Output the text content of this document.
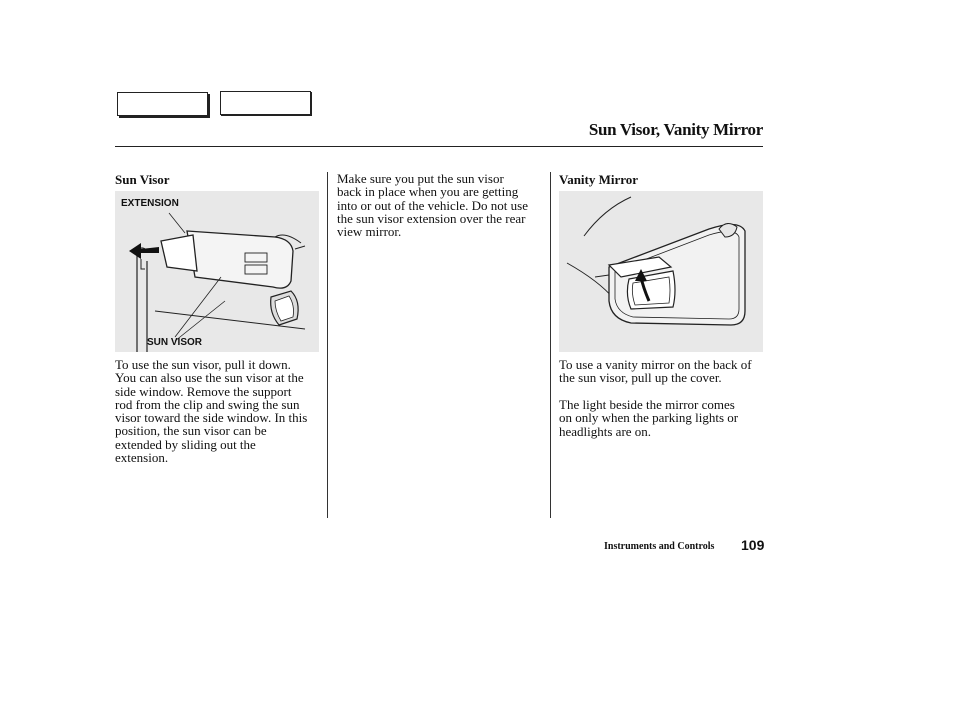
Sun Visor, Vanity Mirror
Sun Visor
EXTENSION
SUN VISOR
To use the sun visor, pull it down.
You can also use the sun visor at the
side window. Remove the support
rod from the clip and swing the sun
visor toward the side window. In this
position, the sun visor can be
extended by sliding out the
extension.
Make sure you put the sun visor
back in place when you are getting
into or out of the vehicle. Do not use
the sun visor extension over the rear
view mirror.
Vanity Mirror
To use a vanity mirror on the back of
the sun visor, pull up the cover.
The light beside the mirror comes
on only when the parking lights or
headlights are on.
Instruments and Controls 109
